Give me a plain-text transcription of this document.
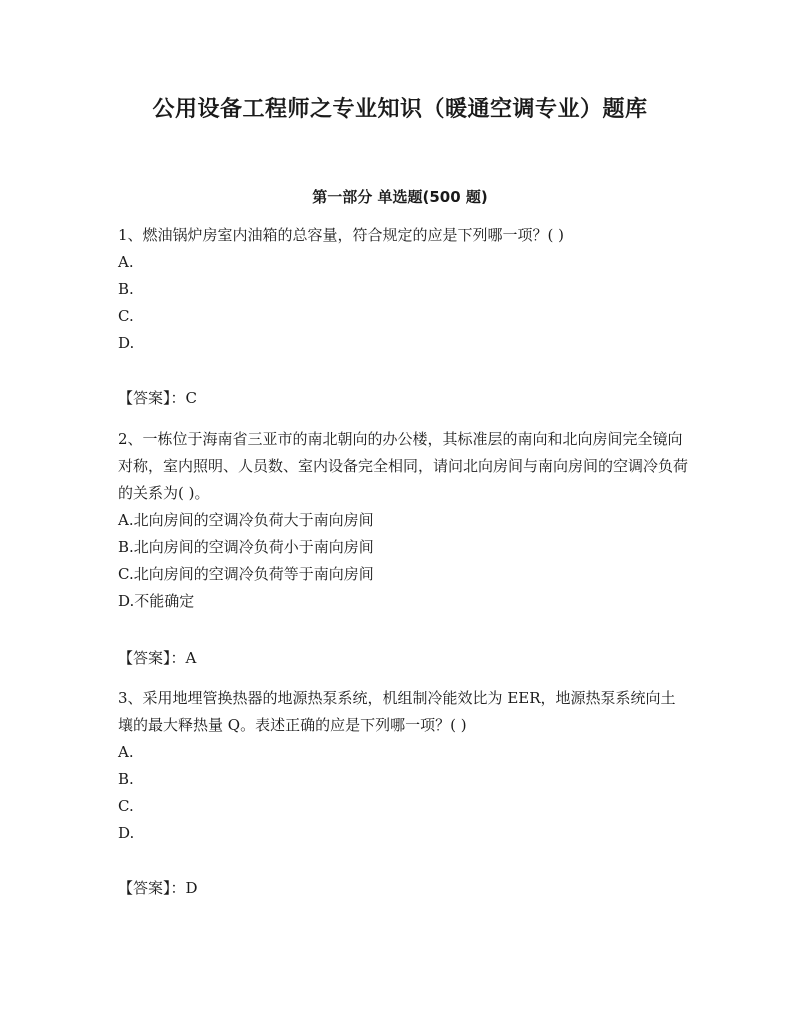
公用设备工程师之专业知识（暖通空调专业）题库
第一部分 单选题(500 题)

1、燃油锅炉房室内油箱的总容量，符合规定的应是下列哪一项？( )

A.

B.

C.

D.

【答案】：C

2、一栋位于海南省三亚市的南北朝向的办公楼，其标准层的南向和北向房间完全镜向对称，室内照明、人员数、室内设备完全相同，请问北向房间与南向房间的空调冷负荷的关系为( )。

A.北向房间的空调冷负荷大于南向房间

B.北向房间的空调冷负荷小于南向房间

C.北向房间的空调冷负荷等于南向房间

D.不能确定

【答案】：A

3、采用地埋管换热器的地源热泵系统，机组制冷能效比为 EER，地源热泵系统向土壤的最大释热量 Q。表述正确的应是下列哪一项？( )

A.

B.

C.

D.

【答案】：D
